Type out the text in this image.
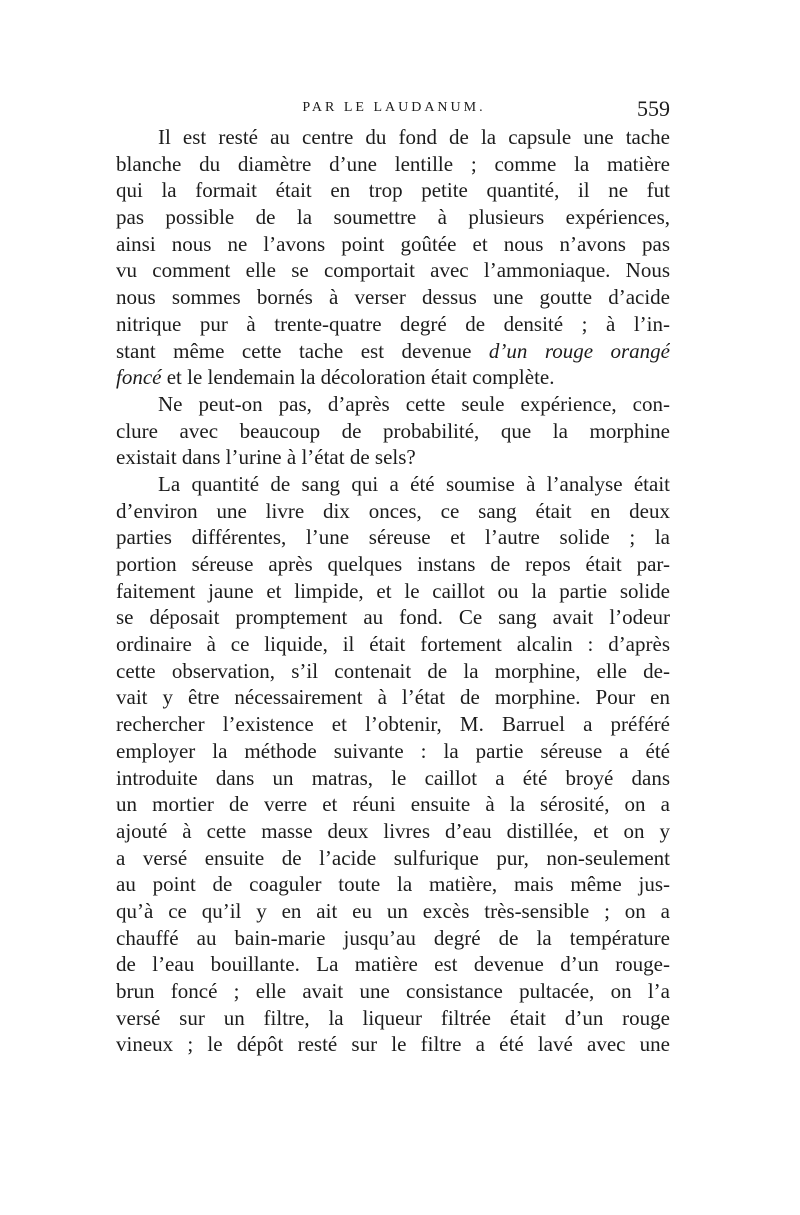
PAR LE LAUDANUM.	559
Il est resté au centre du fond de la capsule une tache
blanche du diamètre d’une lentille ; comme la matière
qui la formait était en trop petite quantité, il ne fut
pas possible de la soumettre à plusieurs expériences,
ainsi nous ne l’avons point goûtée et nous n’avons pas
vu comment elle se comportait avec l’ammoniaque. Nous
nous sommes bornés à verser dessus une goutte d’acide
nitrique pur à trente-quatre degré de densité ; à l’in-
stant même cette tache est devenue d’un rouge orangé
foncé et le lendemain la décoloration était complète.
Ne peut-on pas, d’après cette seule expérience, con-
clure avec beaucoup de probabilité, que la morphine
existait dans l’urine à l’état de sels?
La quantité de sang qui a été soumise à l’analyse était
d’environ une livre dix onces, ce sang était en deux
parties différentes, l’une séreuse et l’autre solide ; la
portion séreuse après quelques instans de repos était par-
faitement jaune et limpide, et le caillot ou la partie solide
se déposait promptement au fond. Ce sang avait l’odeur
ordinaire à ce liquide, il était fortement alcalin : d’après
cette observation, s’il contenait de la morphine, elle de-
vait y être nécessairement à l’état de morphine. Pour en
rechercher l’existence et l’obtenir, M. Barruel a préféré
employer la méthode suivante : la partie séreuse a été
introduite dans un matras, le caillot a été broyé dans
un mortier de verre et réuni ensuite à la sérosité, on a
ajouté à cette masse deux livres d’eau distillée, et on y
a versé ensuite de l’acide sulfurique pur, non-seulement
au point de coaguler toute la matière, mais même jus-
qu’à ce qu’il y en ait eu un excès très-sensible ; on a
chauffé au bain-marie jusqu’au degré de la température
de l’eau bouillante. La matière est devenue d’un rouge-
brun foncé ; elle avait une consistance pultacée, on l’a
versé sur un filtre, la liqueur filtrée était d’un rouge
vineux ; le dépôt resté sur le filtre a été lavé avec une
